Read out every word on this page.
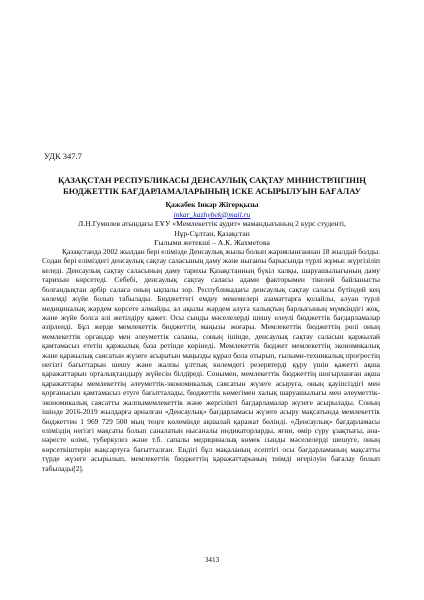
УДК 347.7
ҚАЗАҚСТАН РЕСПУБЛИКАСЫ ДЕНСАУЛЫҚ САҚТАУ МИНИСТРЛІГІНІҢ
БЮДЖЕТТІК БАҒДАРЛАМАЛАРЫНЫҢ ІСКЕ АСЫРЫЛУЫН БАҒАЛАУ
Қажабек Інкәр Жігерқызы
inkar_kazhybek@mail.ru
Л.Н.Гумилев атындағы ЕҰУ «Мемлекеттік аудит» мамандығының 2 курс студенті,
Нұр-Сұлтан, Қазақстан
Ғылыми жетекші – А.К. Жахметова

Қазақстанда 2002 жылдан бері елімізде Денсаулық жылы болып жарияланғаннан 18 жылдай болды. Содан бері еліміздегі денсаулық сақтау саласының даму және нығаюы барысында түрлі жұмыс жүргізіліп келеді. Денсаулық сақтау саласының даму тарихы Қазақстанның бүкіл халқы, шаруашылығының даму тарихын көрсетеді. Себебі, денсаулық сақтау саласы адами факторымен тікелей байланысты болғандықтан әрбір салаға оның ықпалы зор. Республикадағы денсаулық сақтау саласы бүтіндей кең көлемді жүйе болып табылады. Бюджеттегі емдеу мекемелері азаматтарға қолайлы, алуан түрлі медициналық жәрдем көрсете алмайды, ал ақылы жәрдем алуға халықтың барлығының мүмкіндігі жоқ, және жүйе болса әлі жетілдіру қажет. Осы сынды мәселелерді шешу елеулі бюджеттік бағдарламалар әзірленді. Бұл жерде мемлекеттік бюджеттің маңызы жоғары. Мемлекеттік бюджеттің рөлі оның мемлекеттік органдар мен әлеуметтік саланы, соның ішінде, денсаулық сақтау саласын қаржылай қамтамасыз ететін қаржылық база ретінде көрінеді. Мемлекеттік бюджет мемлекеттің экономикалық және қаржылық саясатын жүзеге асыратын маңызды құрал бола отырып, ғылыми-техникалық прогрестің негізгі бағыттарын шешу және жалпы ұлттық көлемдегі резервтерді құру үшін қажетті ақша қаражаттарын орталықтандыру жүйесін білдіреді. Сонымен, мемлекеттік бюджеттің шоғырланған ақша қаражаттары мемлекеттің әлеуметтік-экономикалық саясатын жүзеге асыруға, оның қауіпсіздігі мен қорғанысын қамтамасыз етуге бағытталады, бюджеттік көмегімен халық шаруашылығы мен әлеуметтік-экономикалық саясатты жалпымемлекеттік және жергілікті бағдарламалар жүзеге асырылады. Соның ішінде 2016-2019 жылдарға арналған «Денсаулық» бағдарламасы жүзеге асыру мақсатында мемлекеттік бюджеттен 1 969 729 500 мың теңге көлемінде ақшалай қаражат бөлінді. «Денсаулық» бағдарламасы еліміздің негізгі мақсаты болып саналатын нысаналы индикаторларды, яғни, өмір сүру ұзақтығы, ана-нәресте өлімі, туберкулез және т.б. сапалы медициналық көмек сынды мәселелерді шешуге, оның көрсеткіштерін жақсартуға бағытталған. Ендігі бұл мақаланың есептігі осы бағдарламаның мақсатты түрде жүзеге асырылып, мемлекеттік бюджеттің қаражаттарының тиімді игерілуін бағалау болып табылады[2].

3413
